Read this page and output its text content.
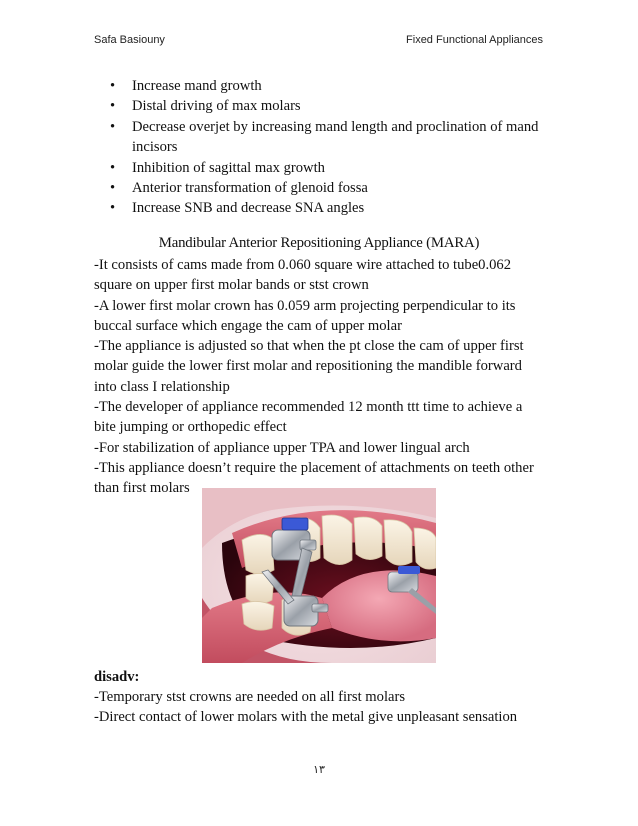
Safa Basiouny	Fixed Functional Appliances
• Increase mand growth
• Distal driving of max molars
• Decrease overjet by increasing mand length and proclination of mand incisors
• Inhibition of sagittal max growth
• Anterior transformation of glenoid fossa
• Increase SNB and decrease SNA angles
Mandibular Anterior Repositioning Appliance (MARA)

-It consists of cams made from 0.060 square wire attached to tube0.062 square on upper first molar bands or stst crown

-A lower first molar crown has 0.059 arm projecting perpendicular to its buccal surface which engage the cam of upper molar

-The appliance is adjusted so that when the pt close the cam of upper first molar guide the lower first molar and repositioning the mandible forward into class I relationship

-The developer of appliance recommended 12 month ttt time to achieve a bite jumping or orthopedic effect

-For stabilization of appliance upper TPA and lower lingual arch

-This appliance doesn’t require the placement of attachments on teeth other than first molars

disadv:

-Temporary stst crowns are needed on all first molars

-Direct contact of lower molars with the metal give unpleasant sensation

١٣
